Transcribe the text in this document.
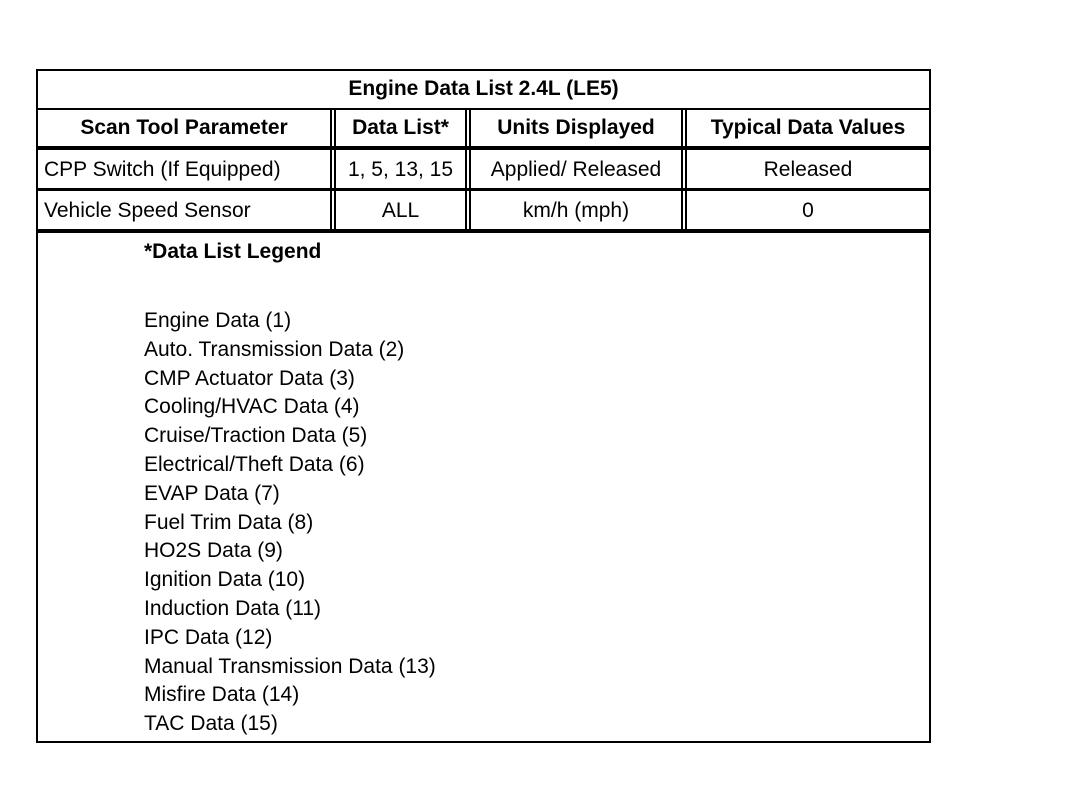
Engine Data List 2.4L (LE5)
Scan Tool Parameter	Data List*	Units Displayed	Typical Data Values
CPP Switch (If Equipped)	1, 5, 13, 15	Applied/ Released	Released
Vehicle Speed Sensor	ALL	km/h (mph)	0
*Data List Legend
Engine Data (1)
Auto. Transmission Data (2)
CMP Actuator Data (3)
Cooling/HVAC Data (4)
Cruise/Traction Data (5)
Electrical/Theft Data (6)
EVAP Data (7)
Fuel Trim Data (8)
HO2S Data (9)
Ignition Data (10)
Induction Data (11)
IPC Data (12)
Manual Transmission Data (13)
Misfire Data (14)
TAC Data (15)
